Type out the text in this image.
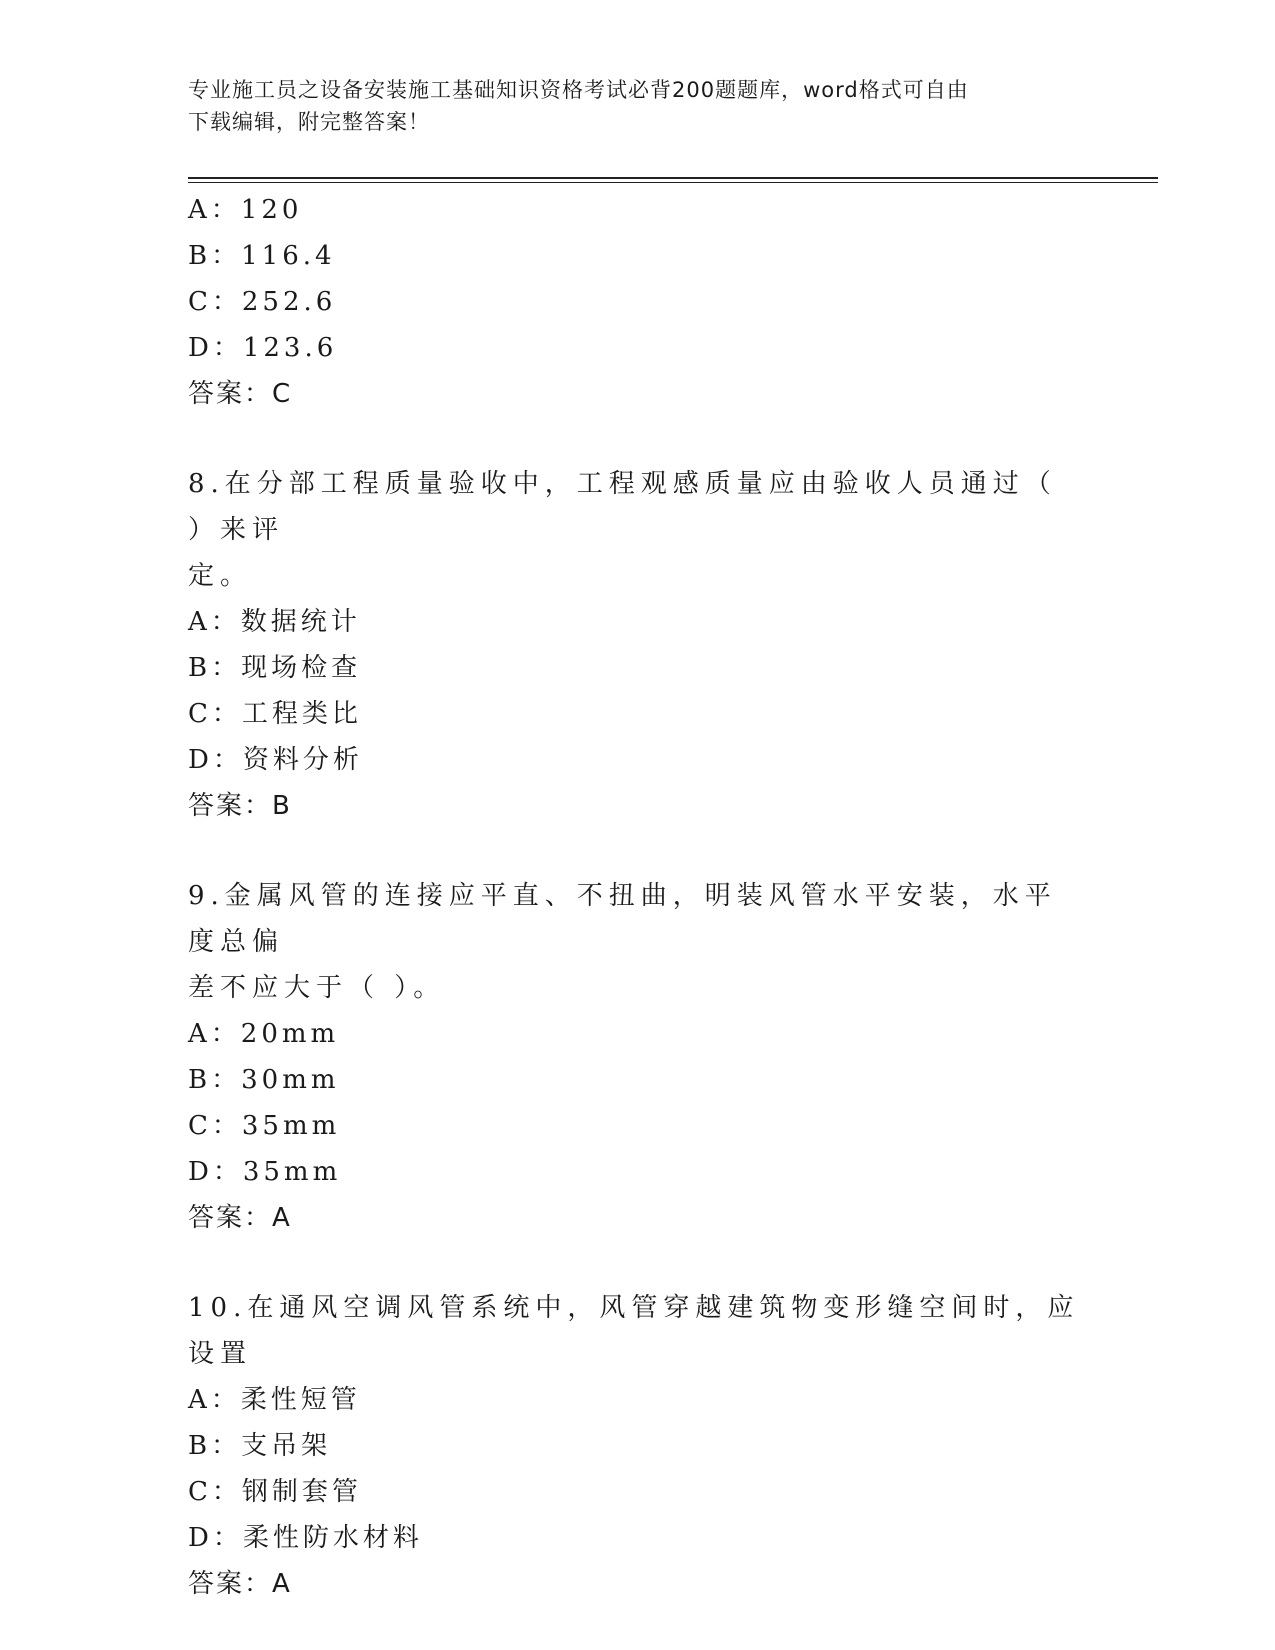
专业施工员之设备安装施工基础知识资格考试必背200题题库，word格式可自由
下载编辑，附完整答案！
A：120
B：116.4
C：252.6
D：123.6
答案：C
8.在分部工程质量验收中，工程观感质量应由验收人员通过（ ）来评
定。
A：数据统计
B：现场检查
C：工程类比
D：资料分析
答案：B
9.金属风管的连接应平直、不扭曲，明装风管水平安装，水平度总偏
差不应大于（ ）。
A：20mm
B：30mm
C：35mm
D：35mm
答案：A
10.在通风空调风管系统中，风管穿越建筑物变形缝空间时，应设置
A：柔性短管
B：支吊架
C：钢制套管
D：柔性防水材料
答案：A
